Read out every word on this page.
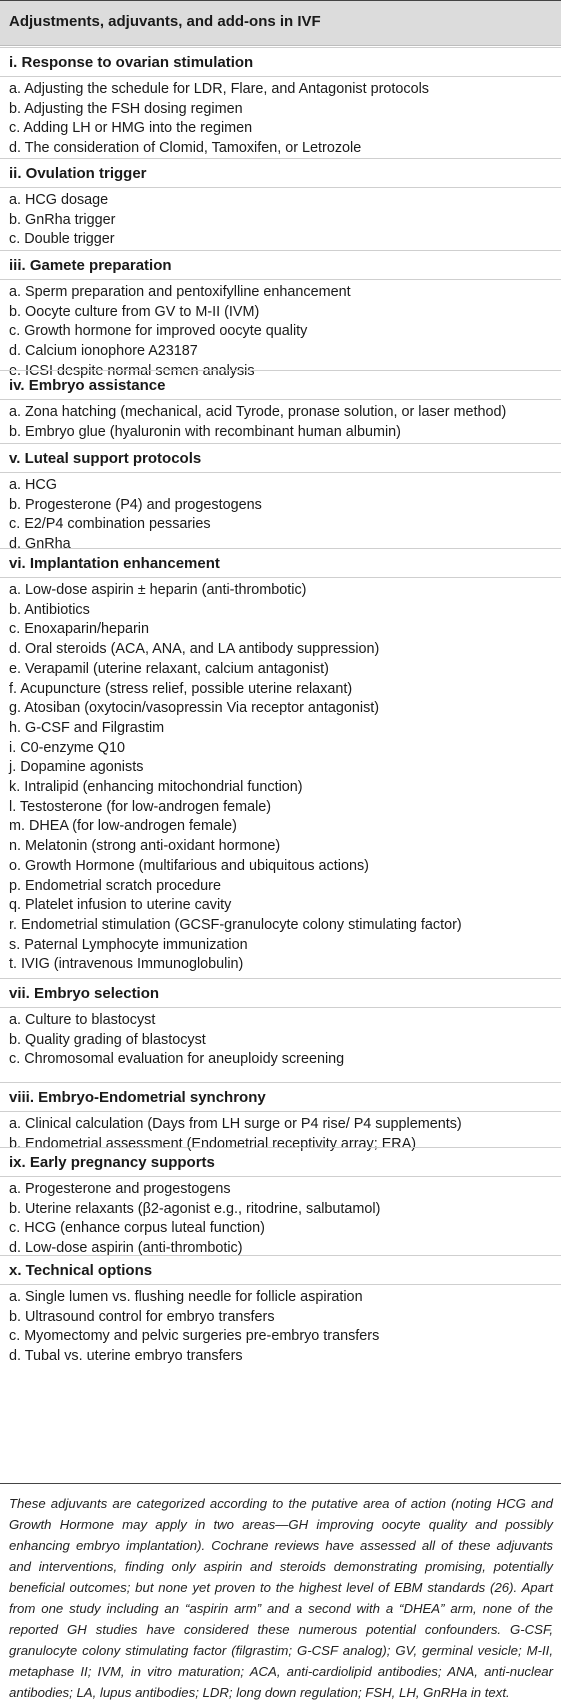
Adjustments, adjuvants, and add-ons in IVF
i. Response to ovarian stimulation
a. Adjusting the schedule for LDR, Flare, and Antagonist protocols
b. Adjusting the FSH dosing regimen
c. Adding LH or HMG into the regimen
d. The consideration of Clomid, Tamoxifen, or Letrozole
ii. Ovulation trigger
a. HCG dosage
b. GnRha trigger
c. Double trigger
iii. Gamete preparation
a. Sperm preparation and pentoxifylline enhancement
b. Oocyte culture from GV to M-II (IVM)
c. Growth hormone for improved oocyte quality
d. Calcium ionophore A23187
e. ICSI despite normal semen analysis
iv. Embryo assistance
a. Zona hatching (mechanical, acid Tyrode, pronase solution, or laser method)
b. Embryo glue (hyaluronin with recombinant human albumin)
v. Luteal support protocols
a. HCG
b. Progesterone (P4) and progestogens
c. E2/P4 combination pessaries
d. GnRha
vi. Implantation enhancement
a. Low-dose aspirin ± heparin (anti-thrombotic)
b. Antibiotics
c. Enoxaparin/heparin
d. Oral steroids (ACA, ANA, and LA antibody suppression)
e. Verapamil (uterine relaxant, calcium antagonist)
f. Acupuncture (stress relief, possible uterine relaxant)
g. Atosiban (oxytocin/vasopressin Via receptor antagonist)
h. G-CSF and Filgrastim
i. C0-enzyme Q10
j. Dopamine agonists
k. Intralipid (enhancing mitochondrial function)
l. Testosterone (for low-androgen female)
m. DHEA (for low-androgen female)
n. Melatonin (strong anti-oxidant hormone)
o. Growth Hormone (multifarious and ubiquitous actions)
p. Endometrial scratch procedure
q. Platelet infusion to uterine cavity
r. Endometrial stimulation (GCSF-granulocyte colony stimulating factor)
s. Paternal Lymphocyte immunization
t. IVIG (intravenous Immunoglobulin)
vii. Embryo selection
a. Culture to blastocyst
b. Quality grading of blastocyst
c. Chromosomal evaluation for aneuploidy screening
viii. Embryo-Endometrial synchrony
a. Clinical calculation (Days from LH surge or P4 rise/ P4 supplements)
b. Endometrial assessment (Endometrial receptivity array; ERA)
ix. Early pregnancy supports
a. Progesterone and progestogens
b. Uterine relaxants (β2-agonist e.g., ritodrine, salbutamol)
c. HCG (enhance corpus luteal function)
d. Low-dose aspirin (anti-thrombotic)
x. Technical options
a. Single lumen vs. flushing needle for follicle aspiration
b. Ultrasound control for embryo transfers
c. Myomectomy and pelvic surgeries pre-embryo transfers
d. Tubal vs. uterine embryo transfers

These adjuvants are categorized according to the putative area of action (noting HCG and Growth Hormone may apply in two areas—GH improving oocyte quality and possibly enhancing embryo implantation). Cochrane reviews have assessed all of these adjuvants and interventions, finding only aspirin and steroids demonstrating promising, potentially beneficial outcomes; but none yet proven to the highest level of EBM standards (26). Apart from one study including an “aspirin arm” and a second with a “DHEA” arm, none of the reported GH studies have considered these numerous potential confounders. G-CSF, granulocyte colony stimulating factor (filgrastim; G-CSF analog); GV, germinal vesicle; M-II, metaphase II; IVM, in vitro maturation; ACA, anti-cardiolipid antibodies; ANA, anti-nuclear antibodies; LA, lupus antibodies; LDR; long down regulation; FSH, LH, GnRHa in text.
